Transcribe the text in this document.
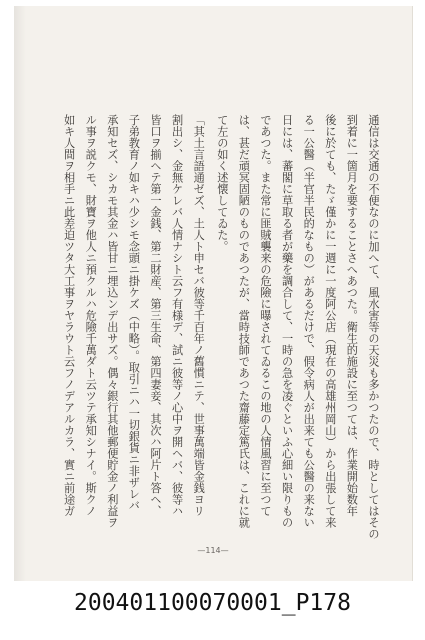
通信は交通の不便なのに加へて、風水害等の天災も多かつたので、時としてはその
到着に一箇月を要することさへあつた。衛生的施設に至つては、作業開始数年
後に於ても、たゞ僅かに一週に一度阿公店（現在の高雄州岡山）から出張して来
る一公醫（半官半民的なもの）があるだけで、假令病人が出来ても公醫の来ない
日には、蕃閣に草取る者が藥を調合して、一時の急を凌ぐといふ心細い限りもの
であつた。また常に匪賊襲来の危險に曝されてゐるこの地の人情風習に至つて
は、甚だ頑冥固陋のものであつたが、當時技師であつた齋藤定篤氏は、これに就
て左の如く述懐してゐた。
「其土言語通ゼズ、土人ト申セバ彼等千百年ノ舊慣ニテ、世事萬端皆金銭ヨリ
割出シ、金無ケレバ人情ナシト云フ有様デ、試ニ彼等ノ心中ヲ開ヘバ、彼等ハ
皆口ヲ揃ヘテ第一金銭、第二財産、第三生命、第四妻妾、其次ハ阿片ト答ヘ、
子弟教育ノ如キハ少シモ念頭ニ掛ケズ（中略）。取引ニハ一切銀貨ニ非ザレバ
承知セズ、シカモ其金ハ皆甘ニ埋込ンデ出サズ。偶々銀行其他郵便貯金ノ利益ヲ
ル事ヲ説クモ、財寶ヲ他人ニ預クルハ危險千萬ダト云ツテ承知シナイ。斯クノ
如キ人間ヲ相手ニ此差迫ツタ大工事ヲヤラウト云フノデアルカラ、實ニ前途ガ
—114—
200401100070001_P178
